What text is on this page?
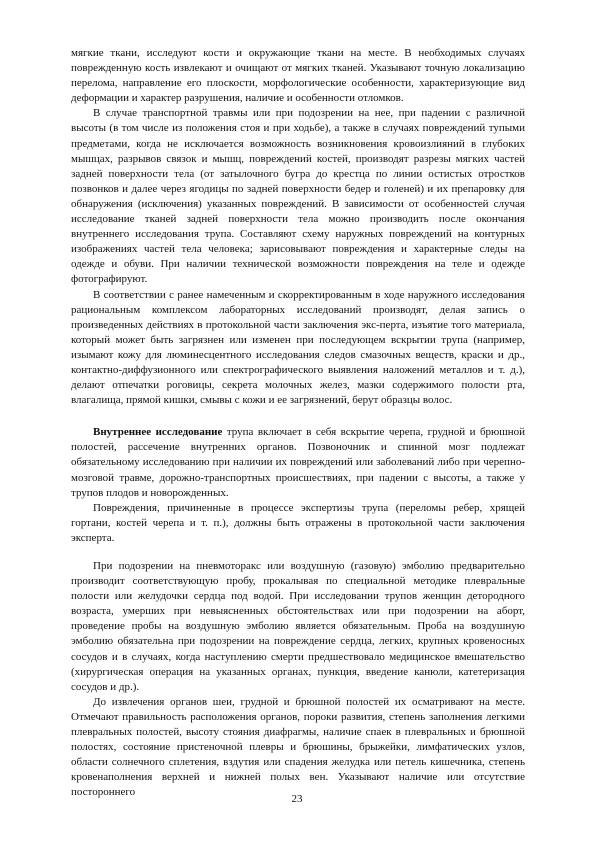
мягкие ткани, исследуют кости и окружающие ткани на месте. В необходимых случаях поврежденную кость извлекают и очищают от мягких тканей. Указывают точную локализацию перелома, направление его плоскости, морфологические особенности, характеризующие вид деформации и характер разрушения, наличие и особенности отломков.

В случае транспортной травмы или при подозрении на нее, при падении с различной высоты (в том числе из положения стоя и при ходьбе), а также в случаях повреждений тупыми предметами, когда не исключается возможность возникновения кровоизлияний в глубоких мышцах, разрывов связок и мышц, повреждений костей, производят разрезы мягких частей задней поверхности тела (от затылочного бугра до крестца по линии остистых отростков позвонков и далее через ягодицы по задней поверхности бедер и голеней) и их препаровку для обнаружения (исключения) указанных повреждений. В зависимости от особенностей случая исследование тканей задней поверхности тела можно производить после окончания внутреннего исследования трупа. Составляют схему наружных повреждений на контурных изображениях частей тела человека; зарисовывают повреждения и характерные следы на одежде и обуви. При наличии технической возможности повреждения на теле и одежде фотографируют.

В соответствии с ранее намеченным и скорректированным в ходе наружного исследования рациональным комплексом лабораторных исследований производят, делая запись о произведенных действиях в протокольной части заключения экс-перта, изъятие того материала, который может быть загрязнен или изменен при последующем вскрытии трупа (например, изымают кожу для люминесцентного исследования следов смазочных веществ, краски и др., контактно-диффузионного или спектрографического выявления наложений металлов и т. д.), делают отпечатки роговицы, секрета молочных желез, мазки содержимого полости рта, влагалища, прямой кишки, смывы с кожи и ее загрязнений, берут образцы волос.

Внутреннее исследование трупа включает в себя вскрытие черепа, грудной и брюшной полостей, рассечение внутренних органов. Позвоночник и спинной мозг подлежат обязательному исследованию при наличии их повреждений или заболеваний либо при черепно-мозговой травме, дорожно-транспортных происшествиях, при падении с высоты, а также у трупов плодов и новорожденных.

Повреждения, причиненные в процессе экспертизы трупа (переломы ребер, хрящей гортани, костей черепа и т. п.), должны быть отражены в протокольной части заключения эксперта.

При подозрении на пневмоторакс или воздушную (газовую) эмболию предварительно производит соответствующую пробу, прокалывая по специальной методике плевральные полости или желудочки сердца под водой. При исследовании трупов женщин детородного возраста, умерших при невыясненных обстоятельствах или при подозрении на аборт, проведение пробы на воздушную эмболию является обязательным. Проба на воздушную эмболию обязательна при подозрении на повреждение сердца, легких, крупных кровеносных сосудов и в случаях, когда наступлению смерти предшествовало медицинское вмешательство (хирургическая операция на указанных органах, пункция, введение канюли, катетеризация сосудов и др.).

До извлечения органов шеи, грудной и брюшной полостей их осматривают на месте. Отмечают правильность расположения органов, пороки развития, степень заполнения легкими плевральных полостей, высоту стояния диафрагмы, наличие спаек в плевральных и брюшной полостях, состояние пристеночной плевры и брюшины, брыжейки, лимфатических узлов, области солнечного сплетения, вздутия или спадения желудка или петель кишечника, степень кровенаполнения верхней и нижней полых вен. Указывают наличие или отсутствие постороннего

23
